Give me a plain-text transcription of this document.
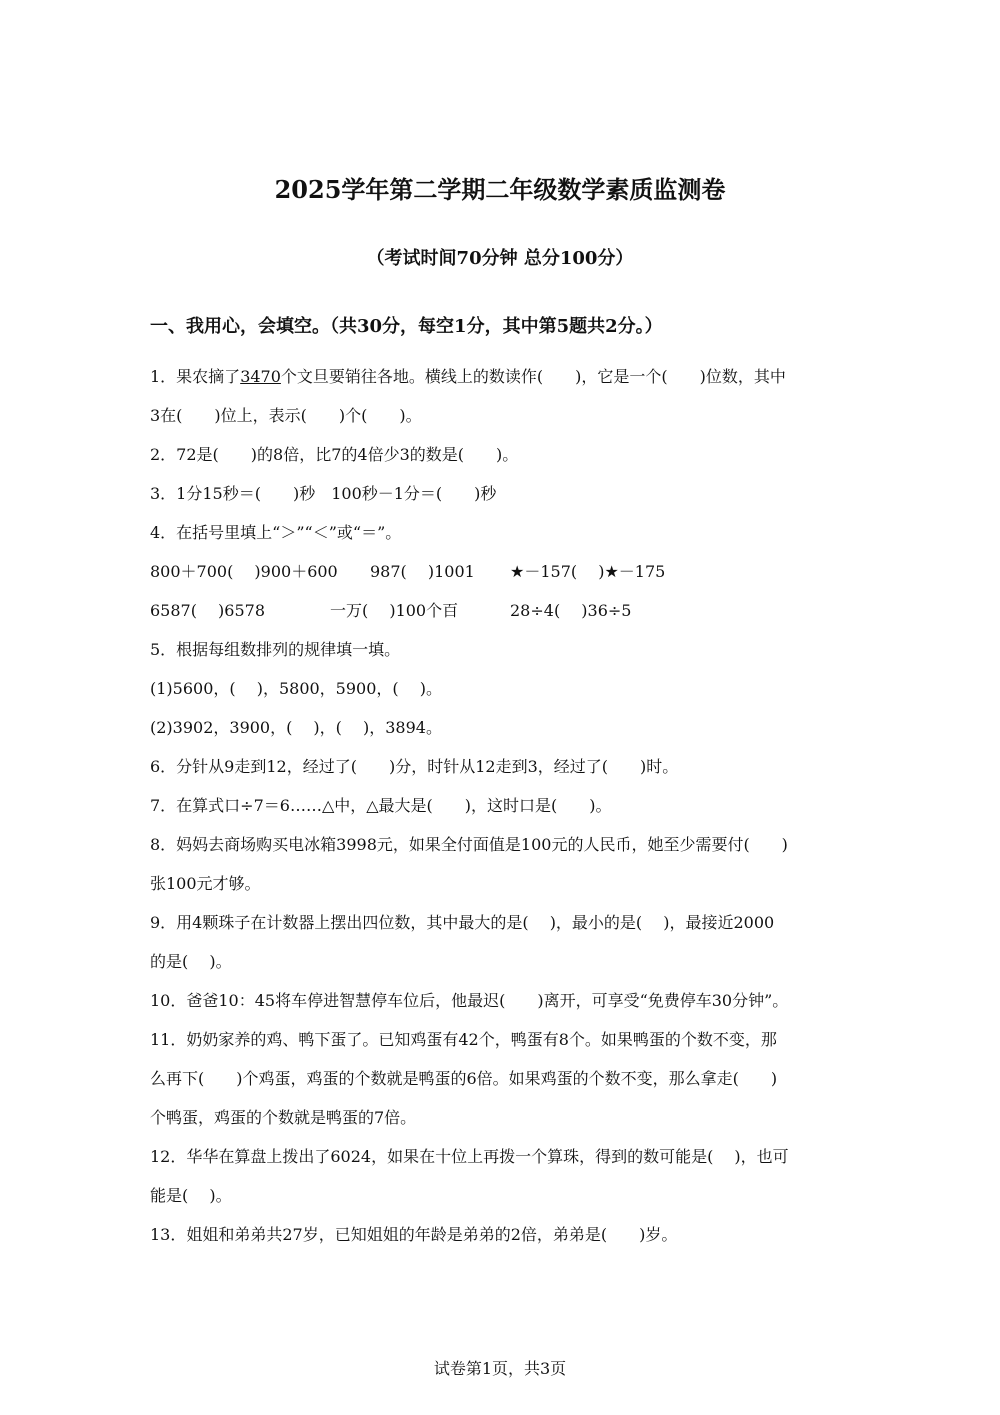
2025学年第二学期二年级数学素质监测卷
（考试时间70分钟 总分100分）
一、我用心，会填空。（共30分，每空1分，其中第5题共2分。）
1．果农摘了3470个文旦要销往各地。横线上的数读作(　　)，它是一个(　　)位数，其中
3在(　　)位上，表示(　　)个(　　)。
2．72是(　　)的8倍，比7的4倍少3的数是(　　)。
3．1分15秒＝(　　)秒　100秒－1分＝(　　)秒
4．在括号里填上“＞”“＜”或“＝”。
800＋700(　 )900＋600 987(　 )1001 ★－157(　 )★－175
6587(　 )6578	一万(　 )100个百	28÷4(　 )36÷5
5．根据每组数排列的规律填一填。
(1)5600，(　 )，5800，5900，(　 )。
(2)3902，3900，(　 )，(　 )，3894。
6．分针从9走到12，经过了(　　)分，时针从12走到3，经过了(　　)时。
7．在算式口÷7＝6……△中，△最大是(　　)，这时口是(　　)。
8．妈妈去商场购买电冰箱3998元，如果全付面值是100元的人民币，她至少需要付(　　)
张100元才够。
9．用4颗珠子在计数器上摆出四位数，其中最大的是(　 )，最小的是(　 )，最接近2000
的是(　 )。
10．爸爸10：45将车停进智慧停车位后，他最迟(　　)离开，可享受“免费停车30分钟”。
11．奶奶家养的鸡、鸭下蛋了。已知鸡蛋有42个，鸭蛋有8个。如果鸭蛋的个数不变，那
么再下(　　)个鸡蛋，鸡蛋的个数就是鸭蛋的6倍。如果鸡蛋的个数不变，那么拿走(　　)
个鸭蛋，鸡蛋的个数就是鸭蛋的7倍。
12．华华在算盘上拨出了6024，如果在十位上再拨一个算珠，得到的数可能是(　 )，也可
能是(　 )。
13．姐姐和弟弟共27岁，已知姐姐的年龄是弟弟的2倍，弟弟是(　　)岁。
试卷第1页，共3页
